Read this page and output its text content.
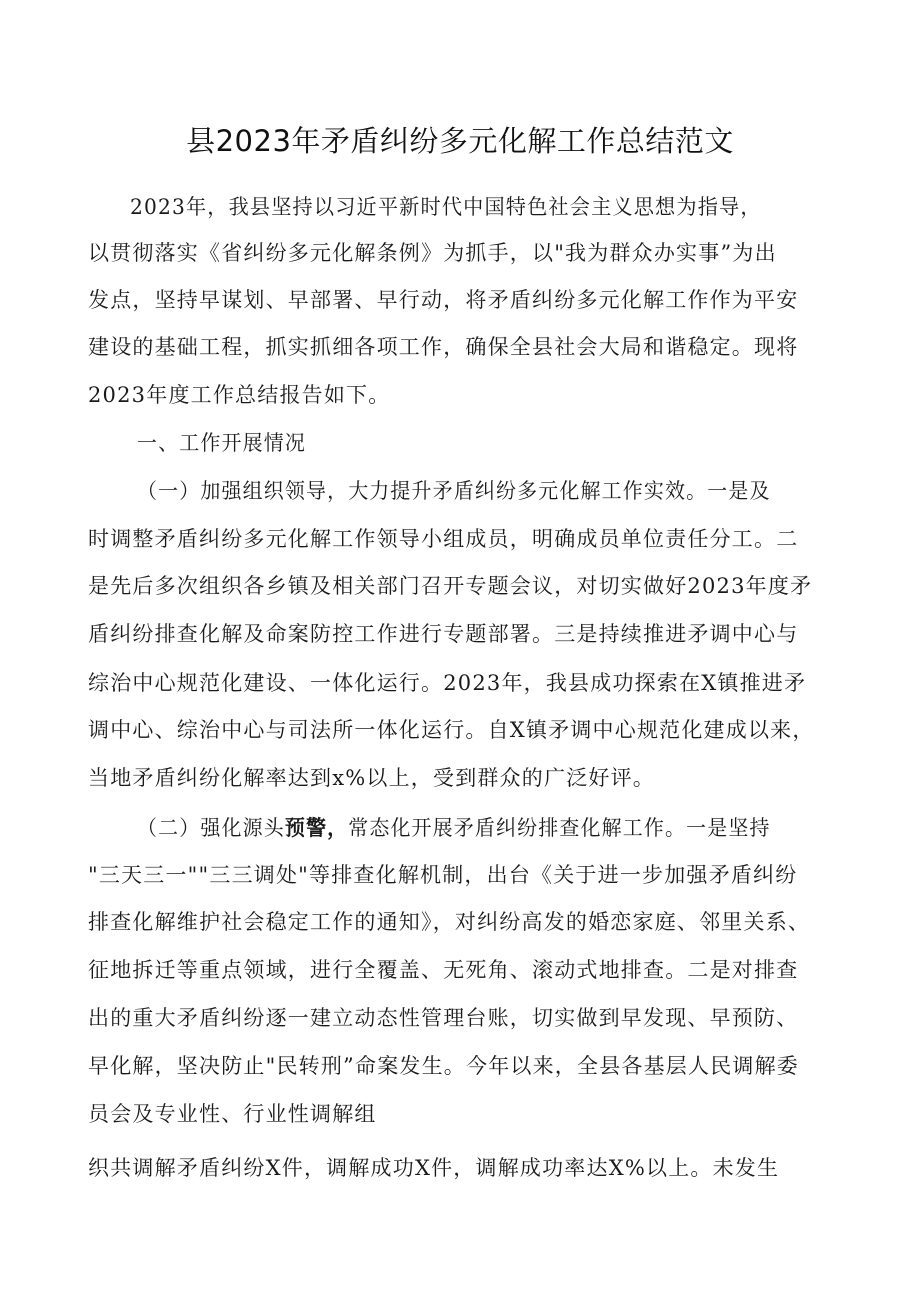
县2023年矛盾纠纷多元化解工作总结范文

2023年，我县坚持以习近平新时代中国特色社会主义思想为指导，

以贯彻落实《省纠纷多元化解条例》为抓手，以"我为群众办实事”为出

发点，坚持早谋划、早部署、早行动，将矛盾纠纷多元化解工作作为平安

建设的基础工程，抓实抓细各项工作，确保全县社会大局和谐稳定。现将

2023年度工作总结报告如下。

一、工作开展情况

（一）加强组织领导，大力提升矛盾纠纷多元化解工作实效。一是及

时调整矛盾纠纷多元化解工作领导小组成员，明确成员单位责任分工。二

是先后多次组织各乡镇及相关部门召开专题会议，对切实做好2023年度矛

盾纠纷排查化解及命案防控工作进行专题部署。三是持续推进矛调中心与

综治中心规范化建设、一体化运行。2023年，我县成功探索在X镇推进矛

调中心、综治中心与司法所一体化运行。自X镇矛调中心规范化建成以来，

当地矛盾纠纷化解率达到x%以上，受到群众的广泛好评。

（二）强化源头预警，常态化开展矛盾纠纷排查化解工作。一是坚持

"三天三一""三三调处"等排查化解机制，出台《关于进一步加强矛盾纠纷

排查化解维护社会稳定工作的通知》，对纠纷高发的婚恋家庭、邻里关系、

征地拆迁等重点领域，进行全覆盖、无死角、滚动式地排查。二是对排查

出的重大矛盾纠纷逐一建立动态性管理台账，切实做到早发现、早预防、

早化解，坚决防止"民转刑”命案发生。今年以来，全县各基层人民调解委

员会及专业性、行业性调解组

织共调解矛盾纠纷X件，调解成功X件，调解成功率达X%以上。未发生
